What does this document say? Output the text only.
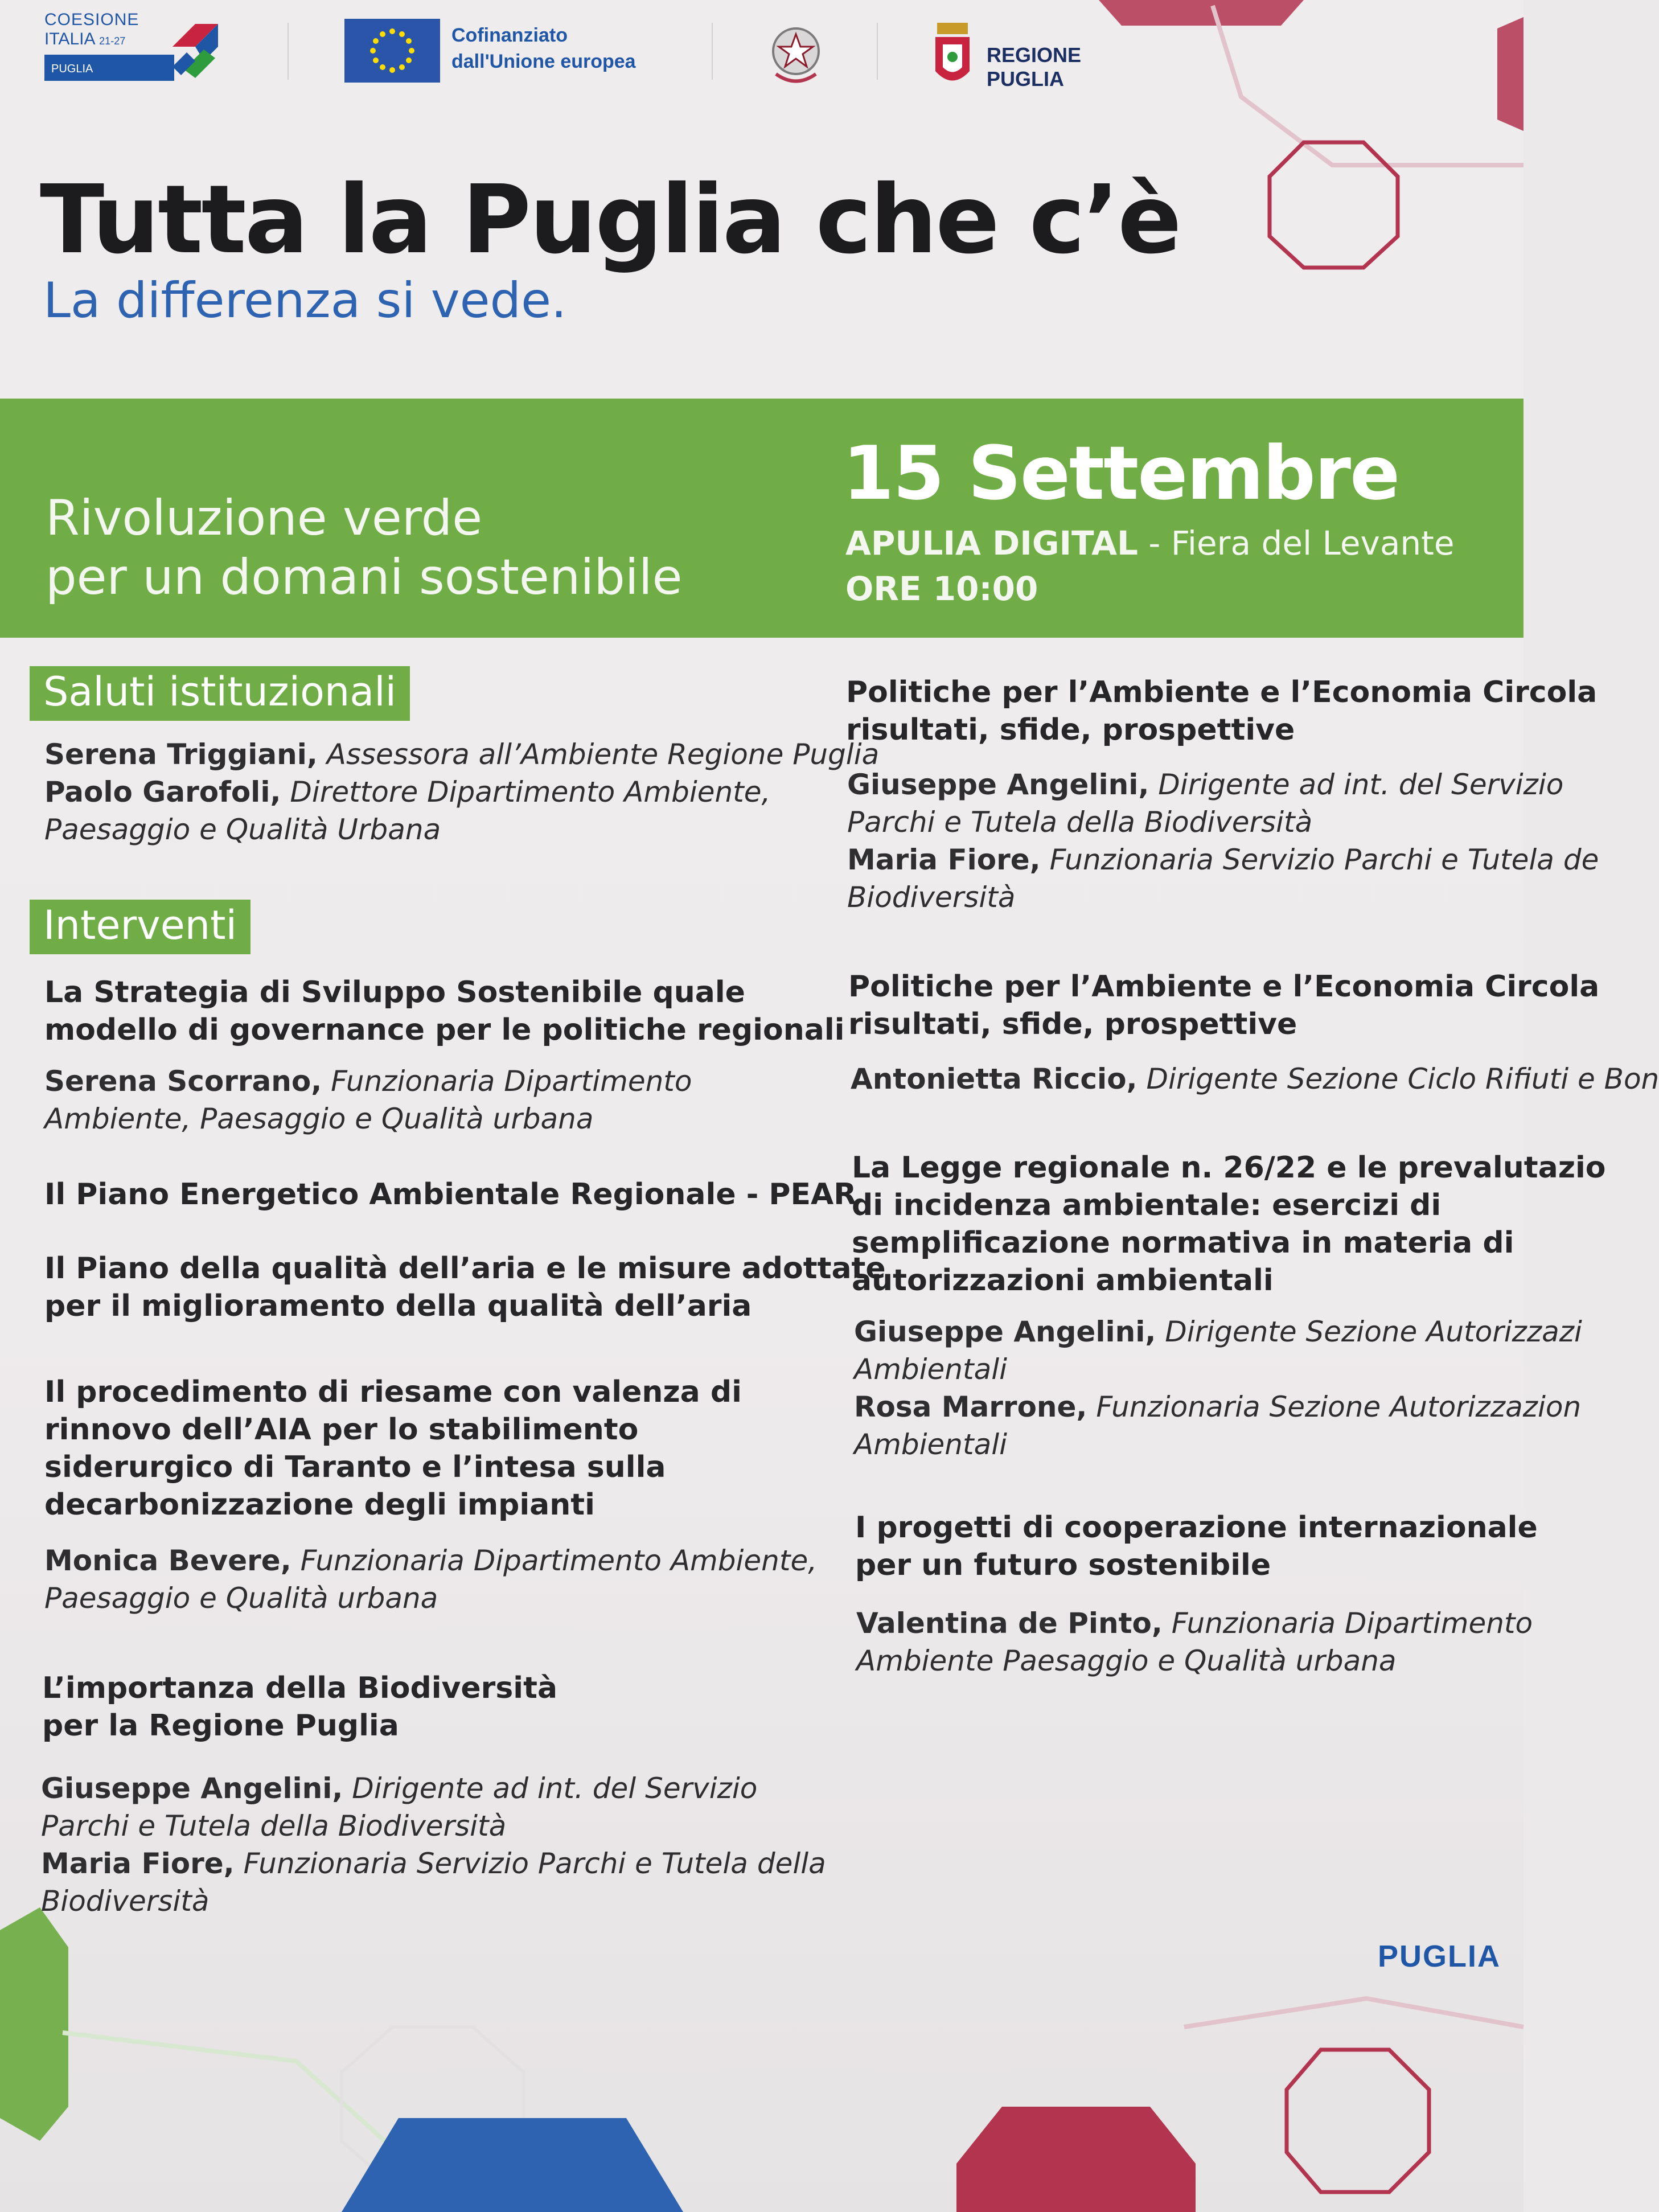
COESIONE
ITALIA 21-27
PUGLIA
Cofinanziato
dall'Unione europea	REGIONE
PUGLIA
Tutta la Puglia che c’è
La differenza si vede.
Rivoluzione verde
per un domani sostenibile
15 Settembre
APULIA DIGITAL - Fiera del Levante
ORE 10:00
Saluti istituzionali
Serena Triggiani, Assessora all’Ambiente Regione Puglia
Paolo Garofoli, Direttore Dipartimento Ambiente,
Paesaggio e Qualità Urbana
Interventi
La Strategia di Sviluppo Sostenibile quale
modello di governance per le politiche regionali
Serena Scorrano, Funzionaria Dipartimento
Ambiente, Paesaggio e Qualità urbana
Il Piano Energetico Ambientale Regionale - PEAR
Il Piano della qualità dell’aria e le misure adottate
per il miglioramento della qualità dell’aria
Il procedimento di riesame con valenza di
rinnovo dell’AIA per lo stabilimento
siderurgico di Taranto e l’intesa sulla
decarbonizzazione degli impianti
Monica Bevere, Funzionaria Dipartimento Ambiente,
Paesaggio e Qualità urbana
L’importanza della Biodiversità
per la Regione Puglia
Giuseppe Angelini, Dirigente ad int. del Servizio
Parchi e Tutela della Biodiversità
Maria Fiore, Funzionaria Servizio Parchi e Tutela della
Biodiversità
Politiche per l’Ambiente e l’Economia Circola
risultati, sfide, prospettive
Giuseppe Angelini, Dirigente ad int. del Servizio
Parchi e Tutela della Biodiversità
Maria Fiore, Funzionaria Servizio Parchi e Tutela de
Biodiversità
Politiche per l’Ambiente e l’Economia Circola
risultati, sfide, prospettive
Antonietta Riccio, Dirigente Sezione Ciclo Rifiuti e Bon
La Legge regionale n. 26/22 e le prevalutazio
di incidenza ambientale: esercizi di
semplificazione normativa in materia di
autorizzazioni ambientali
Giuseppe Angelini, Dirigente Sezione Autorizzazi
Ambientali
Rosa Marrone, Funzionaria Sezione Autorizzazion
Ambientali
I progetti di cooperazione internazionale
per un futuro sostenibile
Valentina de Pinto, Funzionaria Dipartimento
Ambiente Paesaggio e Qualità urbana
PUGLIA
